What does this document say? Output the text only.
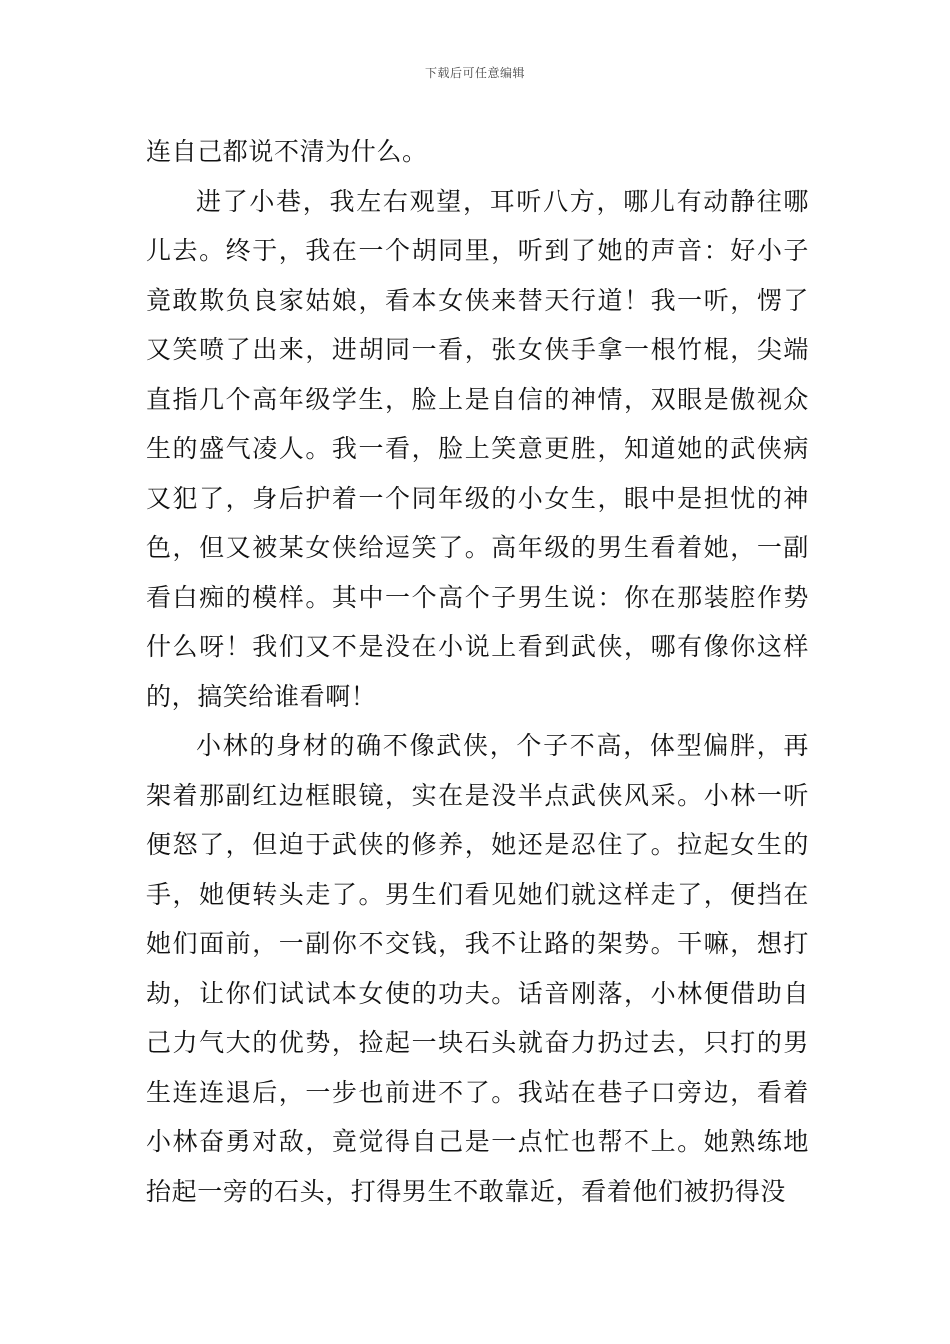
下载后可任意编辑

连自己都说不清为什么。

进了小巷，我左右观望，耳听八方，哪儿有动静往哪儿去。终于，我在一个胡同里，听到了她的声音：好小子竟敢欺负良家姑娘，看本女侠来替天行道！我一听，愣了又笑喷了出来，进胡同一看，张女侠手拿一根竹棍，尖端直指几个高年级学生，脸上是自信的神情，双眼是傲视众生的盛气凌人。我一看，脸上笑意更胜，知道她的武侠病又犯了，身后护着一个同年级的小女生，眼中是担忧的神色，但又被某女侠给逗笑了。高年级的男生看着她，一副看白痴的模样。其中一个高个子男生说：你在那装腔作势什么呀！我们又不是没在小说上看到武侠，哪有像你这样的，搞笑给谁看啊！

小林的身材的确不像武侠，个子不高，体型偏胖，再架着那副红边框眼镜，实在是没半点武侠风采。小林一听便怒了，但迫于武侠的修养，她还是忍住了。拉起女生的手，她便转头走了。男生们看见她们就这样走了，便挡在她们面前，一副你不交钱，我不让路的架势。干嘛，想打劫，让你们试试本女使的功夫。话音刚落，小林便借助自己力气大的优势，捡起一块石头就奋力扔过去，只打的男生连连退后，一步也前进不了。我站在巷子口旁边，看着小林奋勇对敌，竟觉得自己是一点忙也帮不上。她熟练地抬起一旁的石头，打得男生不敢靠近，看着他们被扔得没
